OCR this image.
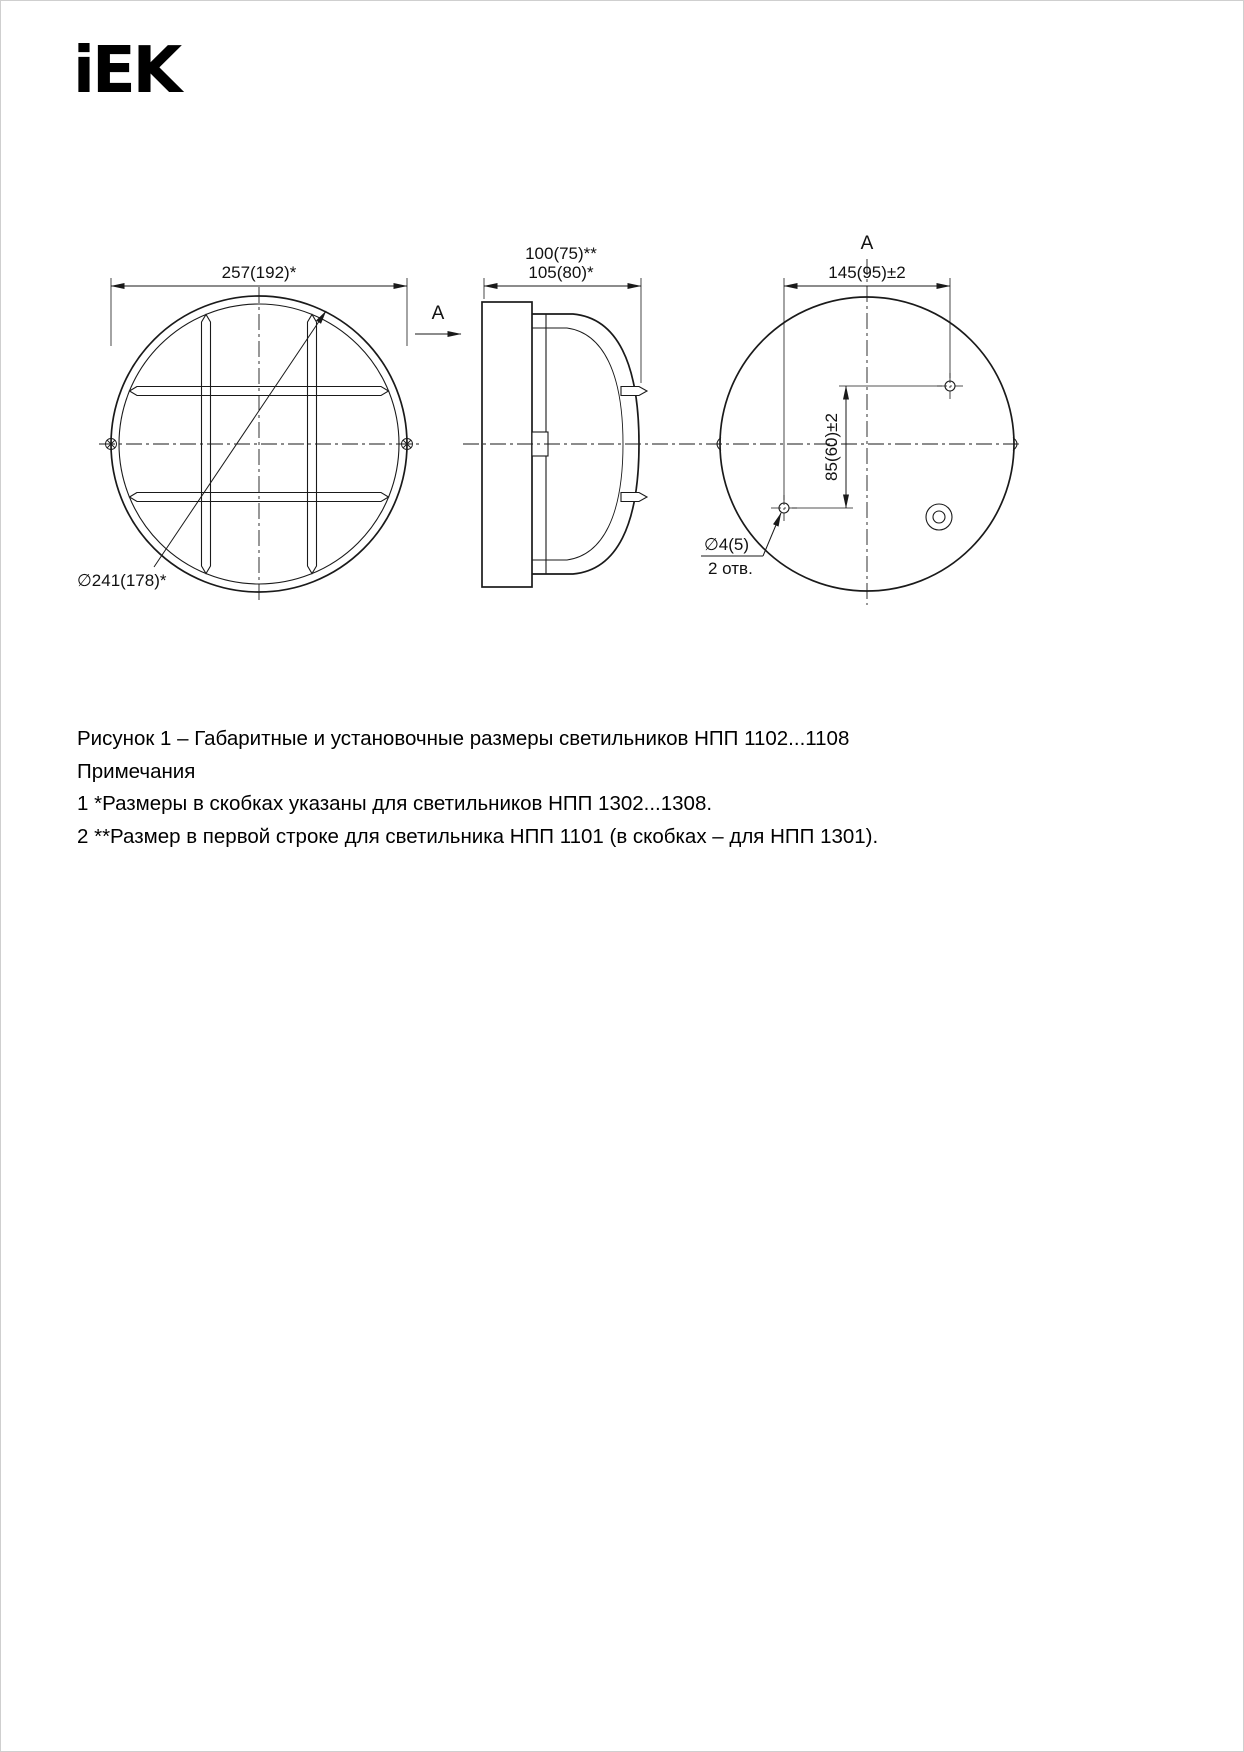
iEK
257(192)*
∅241(178)*
А
100(75)**
105(80)*
А
145(95)±2
85(60)±2
∅4(5)
2 отв.

Рисунок 1 – Габаритные и установочные размеры светильников НПП 1102...1108

Примечания

1 *Размеры в скобках указаны для светильников НПП 1302...1308.

2 **Размер в первой строке для светильника НПП 1101 (в скобках – для НПП 1301).
